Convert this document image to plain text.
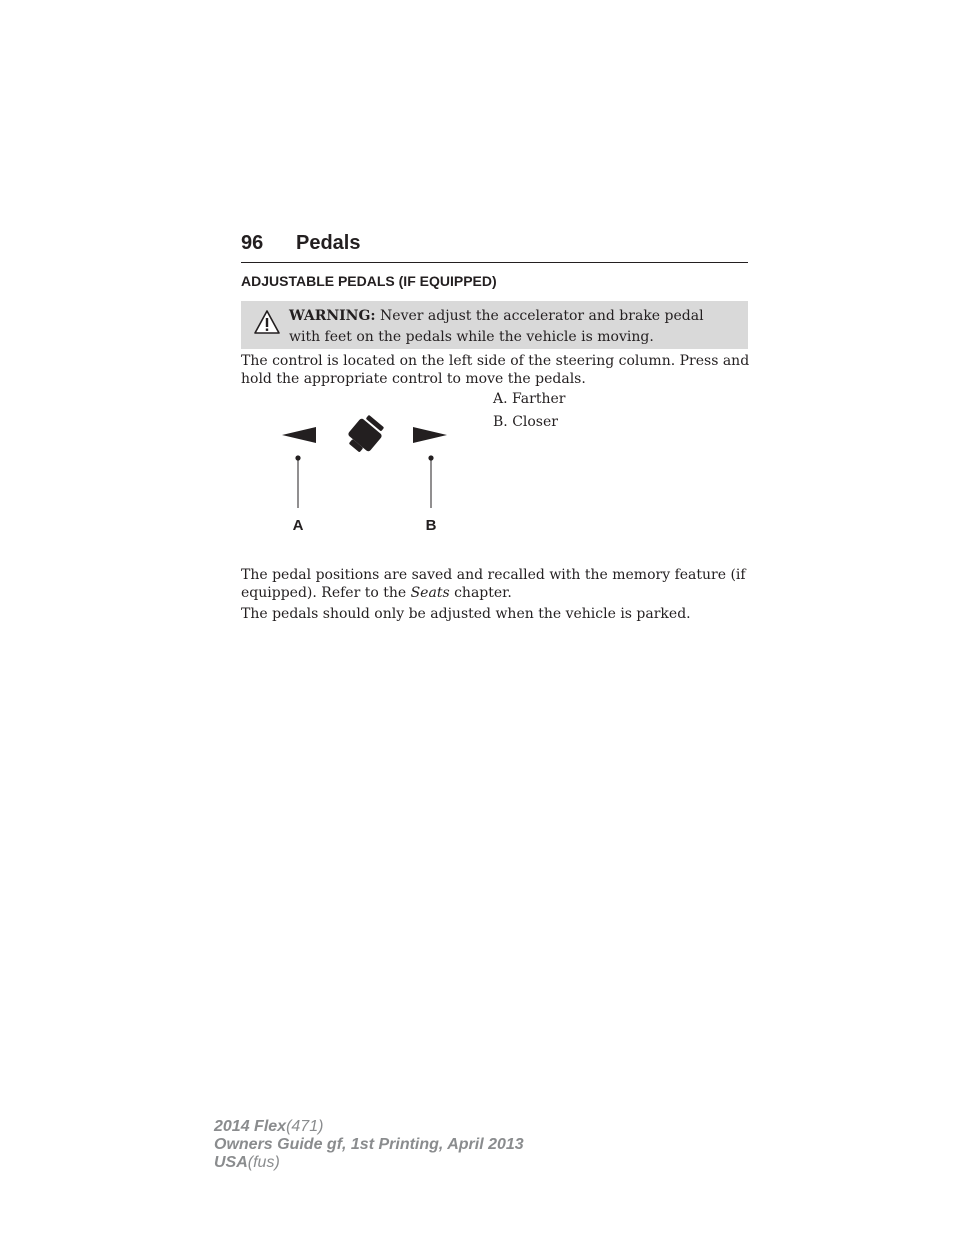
96 Pedals
ADJUSTABLE PEDALS (IF EQUIPPED)
WARNING: Never adjust the accelerator and brake pedal with feet on the pedals while the vehicle is moving.
The control is located on the left side of the steering column. Press and hold the appropriate control to move the pedals.
A. Farther
B. Closer
A	B
The pedal positions are saved and recalled with the memory feature (if equipped). Refer to the Seats chapter.
The pedals should only be adjusted when the vehicle is parked.
2014 Flex(471)
Owners Guide gf, 1st Printing, April 2013
USA(fus)
